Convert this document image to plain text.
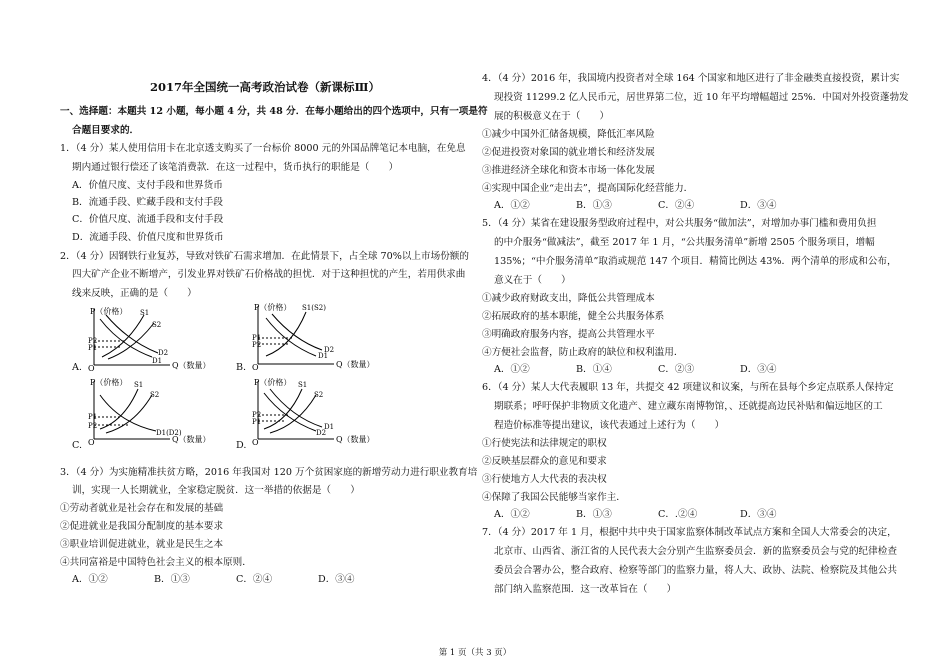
2017年全国统一高考政治试卷（新课标Ⅲ）
一、选择题：本题共 12 小题，每小题 4 分，共 48 分．在每小题给出的四个选项中，只有一项是符
合题目要求的．
1．（4 分）某人使用信用卡在北京透支购买了一台标价 8000 元的外国品牌笔记本电脑，在免息
期内通过银行偿还了该笔消费款．在这一过程中，货币执行的职能是（　　）
A．价值尺度、支付手段和世界货币
B．流通手段、贮藏手段和支付手段
C．价值尺度、流通手段和支付手段
D．流通手段、价值尺度和世界货币
2．（4 分）因钢铁行业复苏，导致对铁矿石需求增加．在此情景下，占全球 70%以上市场份额的
四大矿产企业不断增产，引发业界对铁矿石价格战的担忧．对于这种担忧的产生，若用供求曲
线来反映，正确的是（　　）
O
P（价格）
Q（数量）
P2
P1
S1
S2
D1
D2
A.	O
P（价格）
Q（数量）
P1
P2
S1(S2)
D1
D2
B.
O
P（价格）
Q（数量）
P1
P2
S1
S2
D1(D2)
C.	O
P（价格）
Q（数量）
P2
P1
S1
S2
D2
D1
D.
3．（4 分）为实施精准扶贫方略，2016 年我国对 120 万个贫困家庭的新增劳动力进行职业教育培
训，实现一人长期就业，全家稳定脱贫．这一举措的依据是（　　）
①劳动者就业是社会存在和发展的基础
②促进就业是我国分配制度的基本要求
③职业培训促进就业，就业是民生之本
④共同富裕是中国特色社会主义的根本原则．
A．①②	B．①③	C．②④	D．③④
4．（4 分）2016 年，我国境内投资者对全球 164 个国家和地区进行了非金融类直接投资，累计实
现投资 11299.2 亿人民币元，居世界第二位，近 10 年平均增幅超过 25%．中国对外投资蓬勃发
展的积极意义在于（　　）
①减少中国外汇储备规模，降低汇率风险
②促进投资对象国的就业增长和经济发展
③推进经济全球化和资本市场一体化发展
④实现中国企业“走出去”，提高国际化经营能力．
A．①②	B．①③	C．②④	D．③④
5．（4 分）某省在建设服务型政府过程中，对公共服务“做加法”，对增加办事门槛和费用负担
的中介服务“做减法”，截至 2017 年 1 月，“公共服务清单”新增 2505 个服务项目，增幅
135%；“中介服务清单”取消或规范 147 个项目．精简比例达 43%．两个清单的形成和公布，
意义在于（　　）
①减少政府财政支出，降低公共管理成本
②拓展政府的基本职能，健全公共服务体系
③明确政府服务内容，提高公共管理水平
④方便社会监督，防止政府的缺位和权利滥用．
A．①②	B．①④	C．②③	D．③④
6．（4 分）某人大代表履职 13 年，共提交 42 项建议和议案，与所在县每个乡定点联系人保持定
期联系；呼吁保护非物质文化遗产、建立藏东南博物馆，、还就提高边民补贴和偏远地区的工
程造价标准等提出建议，该代表通过上述行为（　　）
①行使宪法和法律规定的职权
②反映基层群众的意见和要求
③行使地方人大代表的表决权
④保障了我国公民能够当家作主．
A．①②	B．①③	C．.②④	D．③④
7．（4 分）2017 年 1 月，根据中共中央于国家监察体制改革试点方案和全国人大常委会的决定，
北京市、山西省、浙江省的人民代表大会分别产生监察委员会．新的监察委员会与党的纪律检查
委员会合署办公，整合政府、检察等部门的监察力量，将人大、政协、法院、检察院及其他公共
部门纳入监察范围．这一改革旨在（　　）
第 1 页（共 3 页）
